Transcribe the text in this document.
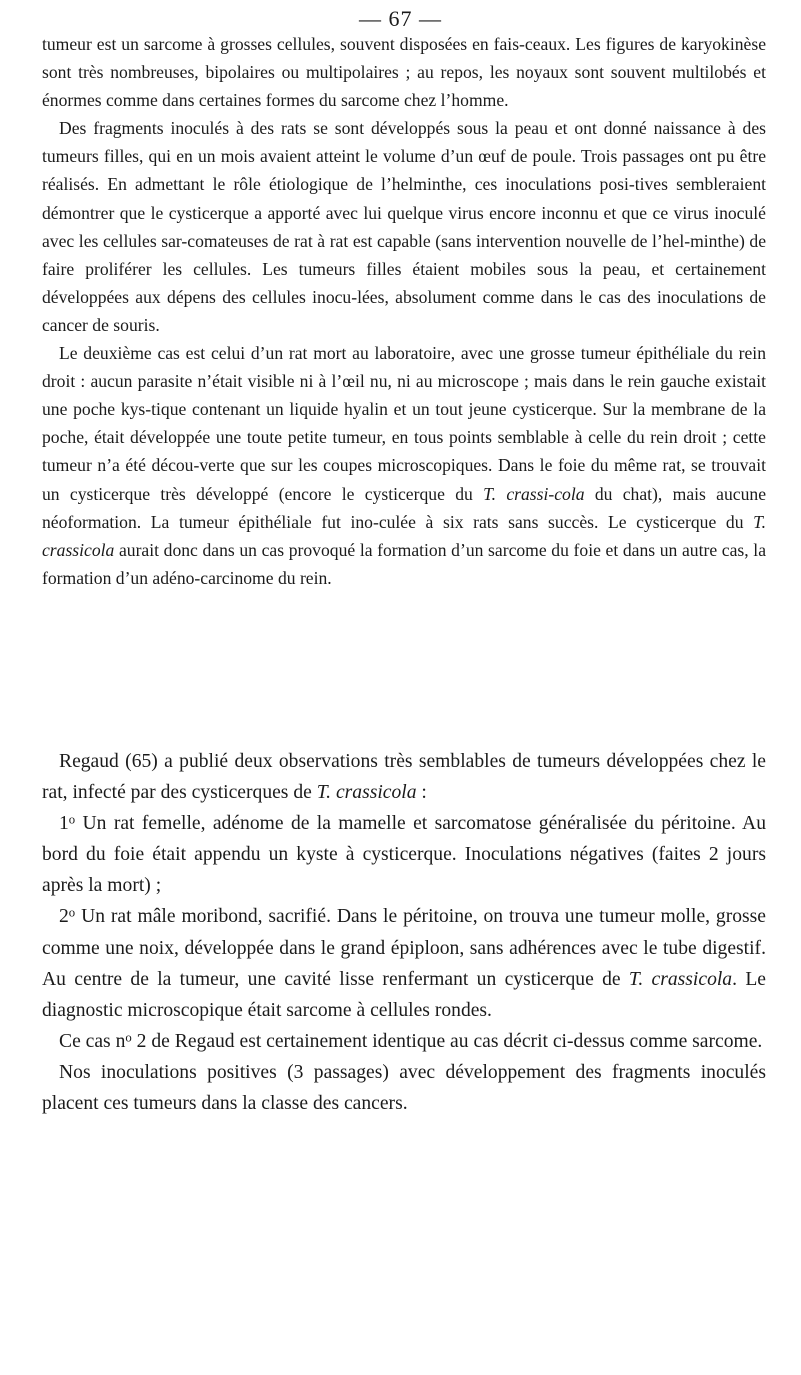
— 67 —

tumeur est un sarcome à grosses cellules, souvent disposées en fais-ceaux. Les figures de karyokinèse sont très nombreuses, bipolaires ou multipolaires ; au repos, les noyaux sont souvent multilobés et énormes comme dans certaines formes du sarcome chez l’homme.

Des fragments inoculés à des rats se sont développés sous la peau et ont donné naissance à des tumeurs filles, qui en un mois avaient atteint le volume d’un œuf de poule. Trois passages ont pu être réalisés. En admettant le rôle étiologique de l’helminthe, ces inoculations posi-tives sembleraient démontrer que le cysticerque a apporté avec lui quelque virus encore inconnu et que ce virus inoculé avec les cellules sar-comateuses de rat à rat est capable (sans intervention nouvelle de l’hel-minthe) de faire proliférer les cellules. Les tumeurs filles étaient mobiles sous la peau, et certainement développées aux dépens des cellules inocu-lées, absolument comme dans le cas des inoculations de cancer de souris.

Le deuxième cas est celui d’un rat mort au laboratoire, avec une grosse tumeur épithéliale du rein droit : aucun parasite n’était visible ni à l’œil nu, ni au microscope ; mais dans le rein gauche existait une poche kys-tique contenant un liquide hyalin et un tout jeune cysticerque. Sur la membrane de la poche, était développée une toute petite tumeur, en tous points semblable à celle du rein droit ; cette tumeur n’a été décou-verte que sur les coupes microscopiques. Dans le foie du même rat, se trouvait un cysticerque très développé (encore le cysticerque du T. crassi-cola du chat), mais aucune néoformation. La tumeur épithéliale fut ino-culée à six rats sans succès. Le cysticerque du T. crassicola aurait donc dans un cas provoqué la formation d’un sarcome du foie et dans un autre cas, la formation d’un adéno-carcinome du rein.

Regaud (65) a publié deux observations très semblables de tumeurs développées chez le rat, infecté par des cysticerques de T. crassicola :

1$^o$ Un rat femelle, adénome de la mamelle et sarcomatose généralisée du péritoine. Au bord du foie était appendu un kyste à cysticerque. Inoculations négatives (faites 2 jours après la mort) ;

2$^o$ Un rat mâle moribond, sacrifié. Dans le péritoine, on trouva une tumeur molle, grosse comme une noix, développée dans le grand épiploon, sans adhérences avec le tube digestif. Au centre de la tumeur, une cavité lisse renfermant un cysticerque de T. crassicola. Le diagnostic microscopique était sarcome à cellules rondes.

Ce cas $n^o$ 2 de Regaud est certainement identique au cas décrit ci-dessus comme sarcome.

Nos inoculations positives (3 passages) avec développement des fragments inoculés placent ces tumeurs dans la classe des cancers.
